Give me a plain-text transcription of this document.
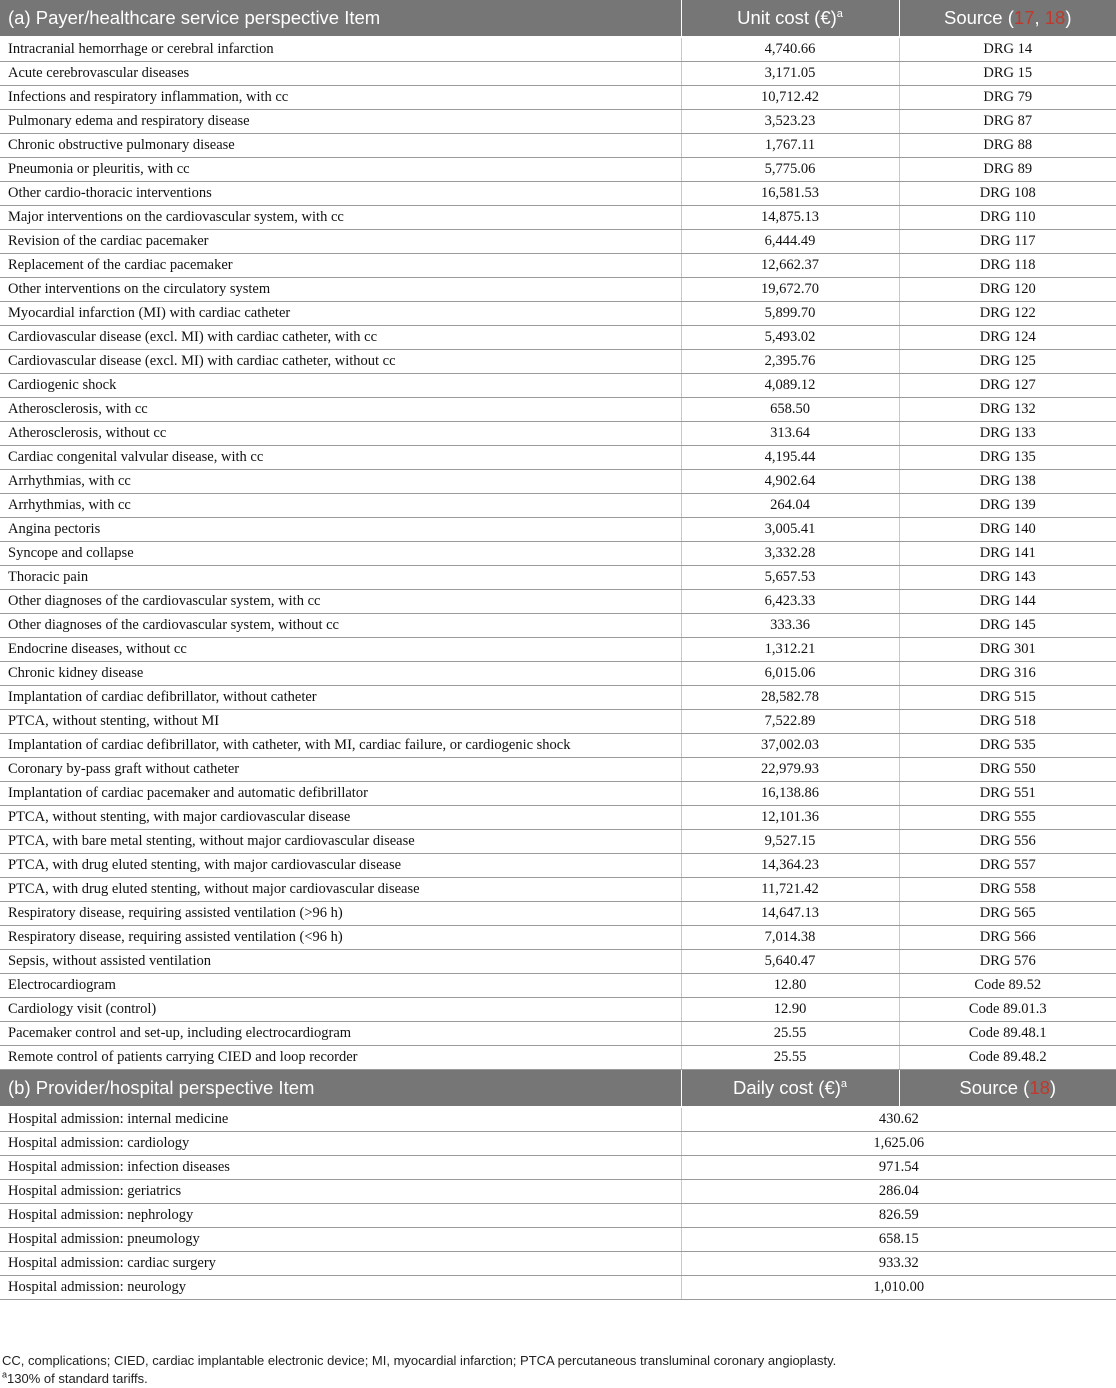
(a) Payer/healthcare service perspective Item	Unit cost (€)$^a$	Source (17, 18)
Intracranial hemorrhage or cerebral infarction	4,740.66	DRG 14
Acute cerebrovascular diseases	3,171.05	DRG 15
Infections and respiratory inflammation, with cc	10,712.42	DRG 79
Pulmonary edema and respiratory disease	3,523.23	DRG 87
Chronic obstructive pulmonary disease	1,767.11	DRG 88
Pneumonia or pleuritis, with cc	5,775.06	DRG 89
Other cardio-thoracic interventions	16,581.53	DRG 108
Major interventions on the cardiovascular system, with cc	14,875.13	DRG 110
Revision of the cardiac pacemaker	6,444.49	DRG 117
Replacement of the cardiac pacemaker	12,662.37	DRG 118
Other interventions on the circulatory system	19,672.70	DRG 120
Myocardial infarction (MI) with cardiac catheter	5,899.70	DRG 122
Cardiovascular disease (excl. MI) with cardiac catheter, with cc	5,493.02	DRG 124
Cardiovascular disease (excl. MI) with cardiac catheter, without cc	2,395.76	DRG 125
Cardiogenic shock	4,089.12	DRG 127
Atherosclerosis, with cc	658.50	DRG 132
Atherosclerosis, without cc	313.64	DRG 133
Cardiac congenital valvular disease, with cc	4,195.44	DRG 135
Arrhythmias, with cc	4,902.64	DRG 138
Arrhythmias, with cc	264.04	DRG 139
Angina pectoris	3,005.41	DRG 140
Syncope and collapse	3,332.28	DRG 141
Thoracic pain	5,657.53	DRG 143
Other diagnoses of the cardiovascular system, with cc	6,423.33	DRG 144
Other diagnoses of the cardiovascular system, without cc	333.36	DRG 145
Endocrine diseases, without cc	1,312.21	DRG 301
Chronic kidney disease	6,015.06	DRG 316
Implantation of cardiac defibrillator, without catheter	28,582.78	DRG 515
PTCA, without stenting, without MI	7,522.89	DRG 518
Implantation of cardiac defibrillator, with catheter, with MI, cardiac failure, or cardiogenic shock	37,002.03	DRG 535
Coronary by-pass graft without catheter	22,979.93	DRG 550
Implantation of cardiac pacemaker and automatic defibrillator	16,138.86	DRG 551
PTCA, without stenting, with major cardiovascular disease	12,101.36	DRG 555
PTCA, with bare metal stenting, without major cardiovascular disease	9,527.15	DRG 556
PTCA, with drug eluted stenting, with major cardiovascular disease	14,364.23	DRG 557
PTCA, with drug eluted stenting, without major cardiovascular disease	11,721.42	DRG 558
Respiratory disease, requiring assisted ventilation (>96 h)	14,647.13	DRG 565
Respiratory disease, requiring assisted ventilation (<96 h)	7,014.38	DRG 566
Sepsis, without assisted ventilation	5,640.47	DRG 576
Electrocardiogram	12.80	Code 89.52
Cardiology visit (control)	12.90	Code 89.01.3
Pacemaker control and set-up, including electrocardiogram	25.55	Code 89.48.1
Remote control of patients carrying CIED and loop recorder	25.55	Code 89.48.2
(b) Provider/hospital perspective Item	Daily cost (€)$^a$	Source (18)
Hospital admission: internal medicine	430.62	
Hospital admission: cardiology	1,625.06	
Hospital admission: infection diseases	971.54	
Hospital admission: geriatrics	286.04	
Hospital admission: nephrology	826.59	
Hospital admission: pneumology	658.15	
Hospital admission: cardiac surgery	933.32	
Hospital admission: neurology	1,010.00	

CC, complications; CIED, cardiac implantable electronic device; MI, myocardial infarction; PTCA percutaneous transluminal coronary angioplasty.

$^a$130% of standard tariffs.
